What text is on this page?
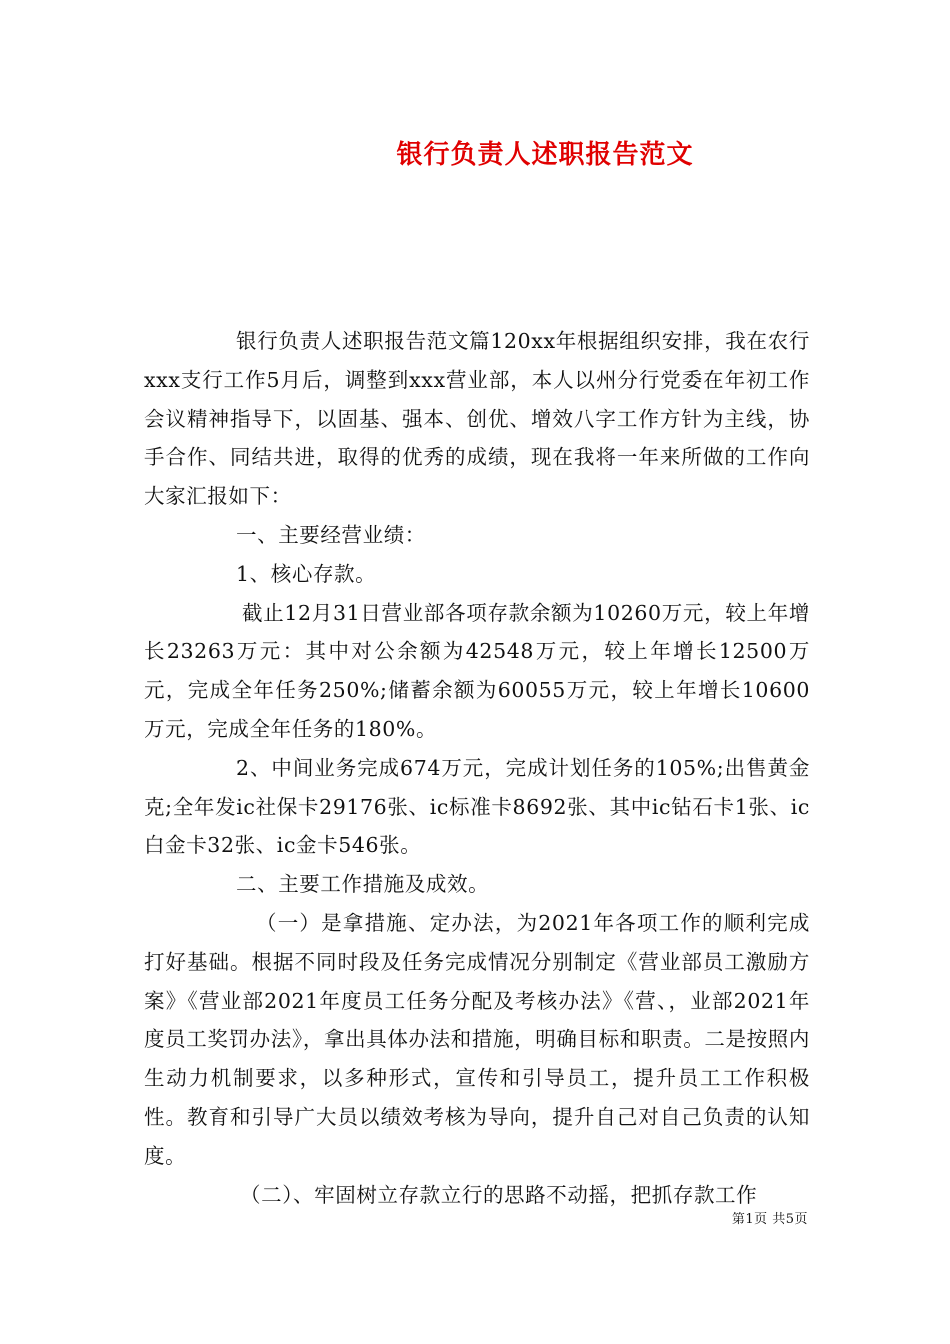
银行负责人述职报告范文

银行负责人述职报告范文篇120xx年根据组织安排，我在农行xxx支行工作5月后，调整到xxx营业部，本人以州分行党委在年初工作会议精神指导下，以固基、强本、创优、增效八字工作方针为主线，协手合作、同结共进，取得的优秀的成绩，现在我将一年来所做的工作向大家汇报如下：

一、主要经营业绩：

1、核心存款。

截止12月31日营业部各项存款余额为10260万元，较上年增长23263万元：其中对公余额为42548万元，较上年增长12500万元，完成全年任务250%;储蓄余额为60055万元，较上年增长10600万元，完成全年任务的180%。

2、中间业务完成674万元，完成计划任务的105%;出售黄金克;全年发ic社保卡29176张、ic标准卡8692张、其中ic钻石卡1张、ic白金卡32张、ic金卡546张。

二、主要工作措施及成效。

（一）是拿措施、定办法，为2021年各项工作的顺利完成打好基础。根据不同时段及任务完成情况分别制定《营业部员工激励方案》《营业部2021年度员工任务分配及考核办法》《营、，业部2021年度员工奖罚办法》，拿出具体办法和措施，明确目标和职责。二是按照内生动力机制要求，以多种形式，宣传和引导员工，提升员工工作积极性。教育和引导广大员以绩效考核为导向，提升自己对自己负责的认知度。

（二）、牢固树立存款立行的思路不动摇，把抓存款工作

第1页 共5页
